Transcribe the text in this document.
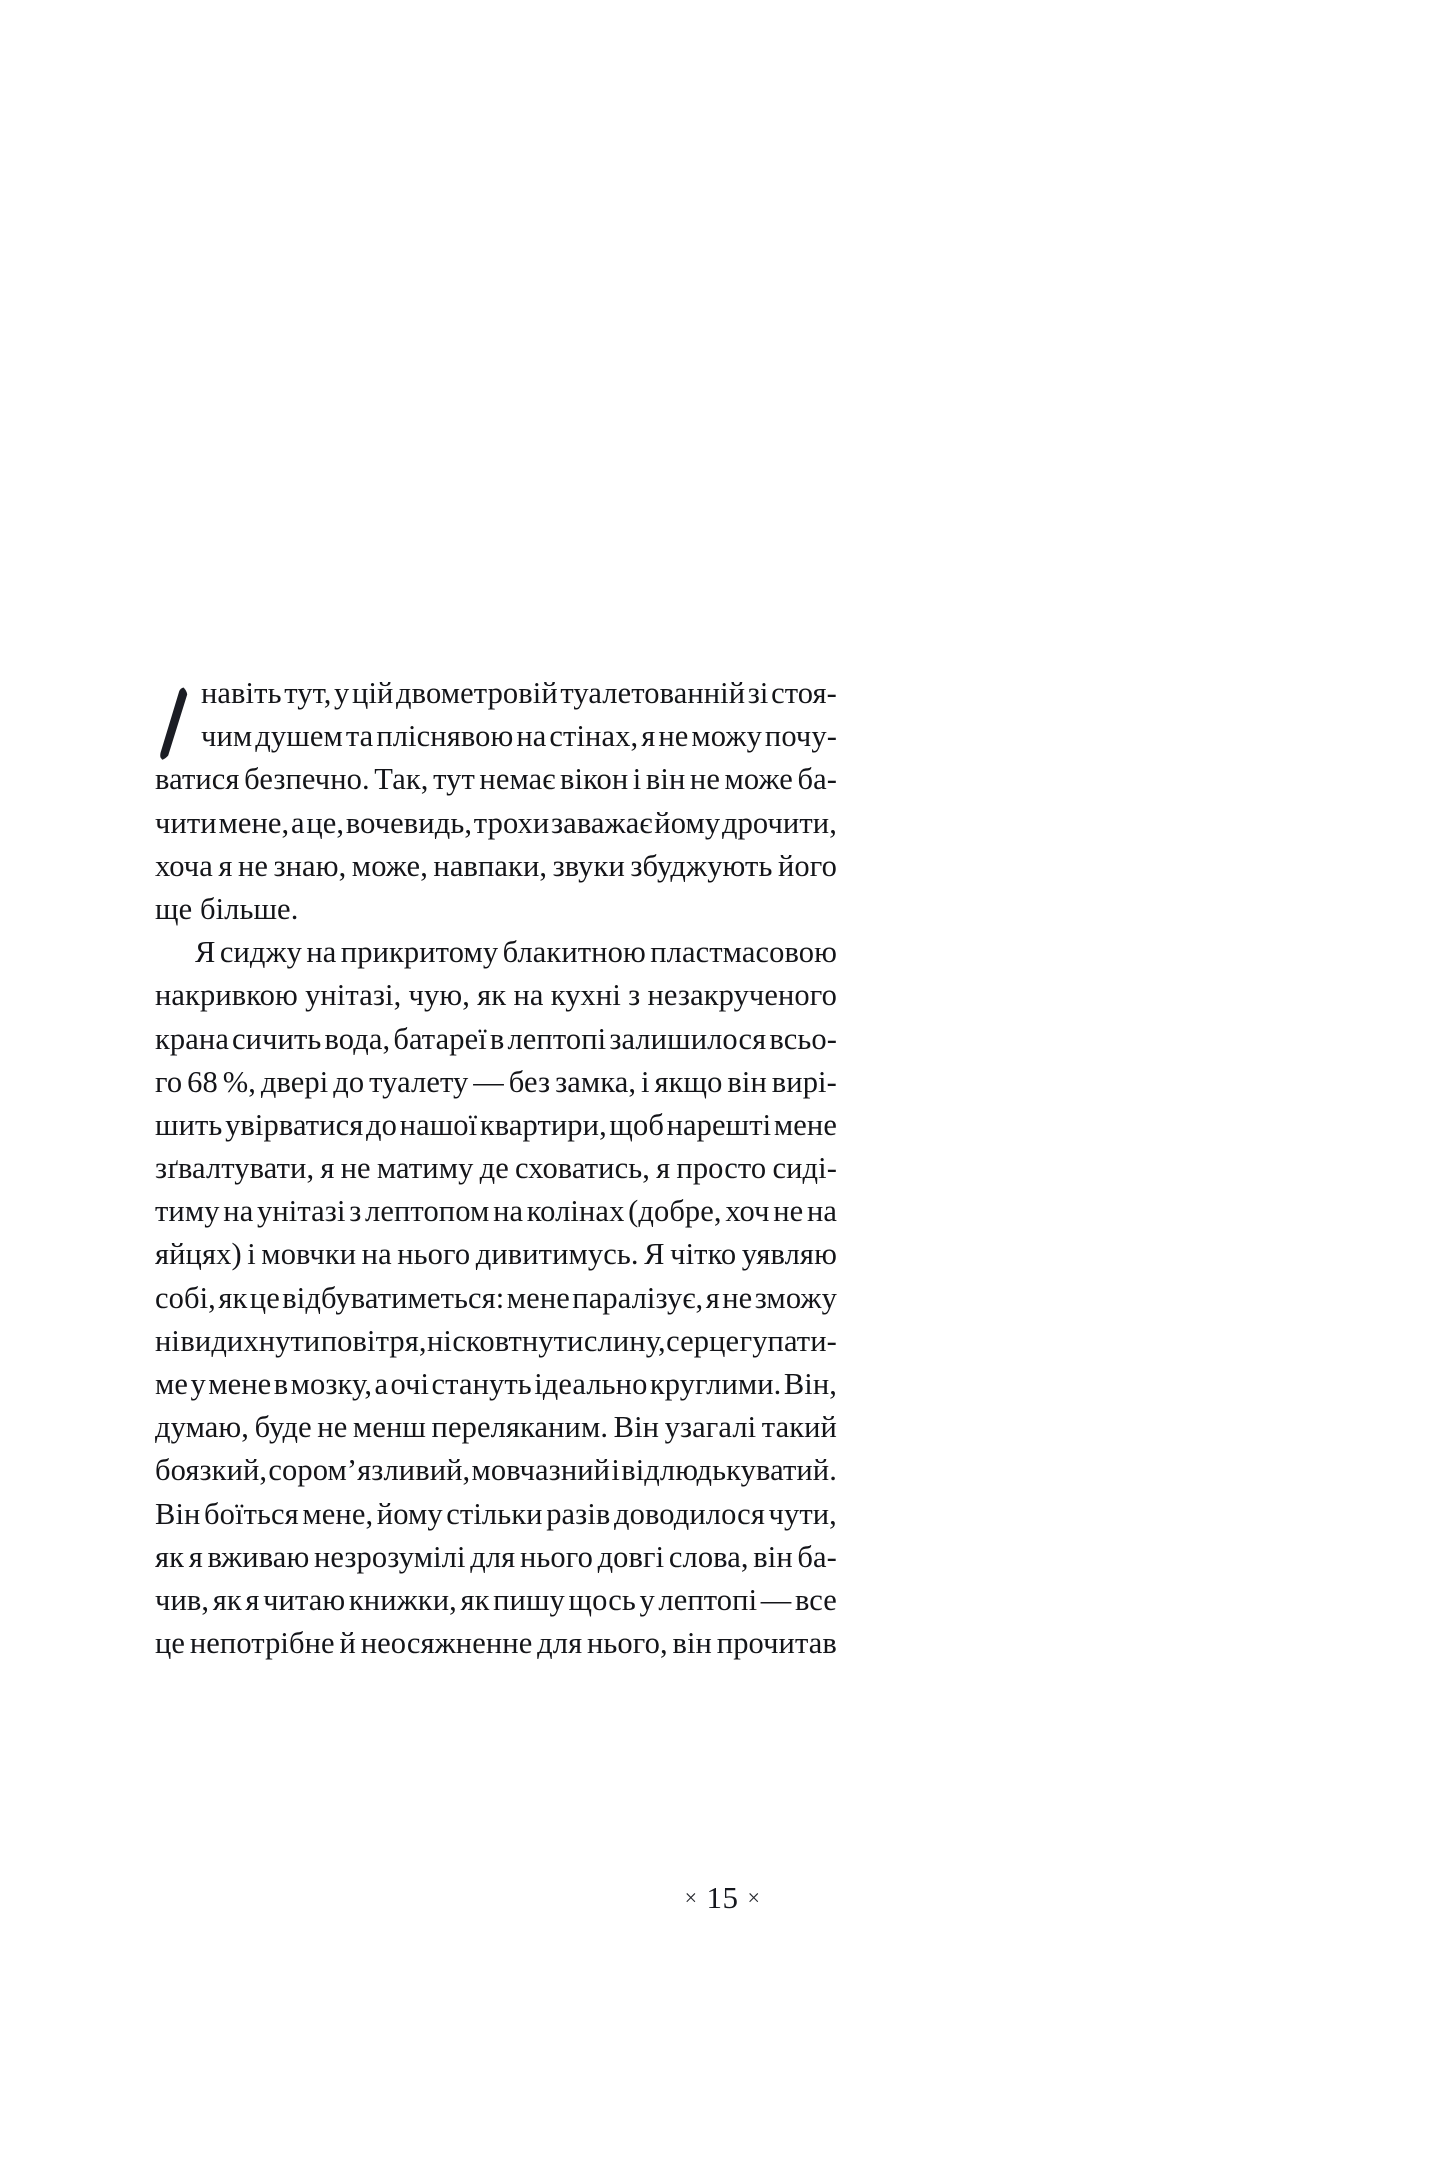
навіть тут, у цій двометровій туалетованній зі стоя-
чим душем та пліснявою на стінах, я не можу почу-
ватися безпечно. Так, тут немає вікон і він не може ба-
чити мене, а це, вочевидь, трохи заважає йому дрочити,
хоча я не знаю, може, навпаки, звуки збуджують його
ще більше.

Я сиджу на прикритому блакитною пластмасовою
накривкою унітазі, чую, як на кухні з незакрученого
крана сичить вода, батареї в лептопі залишилося всьо-
го 68 %, двері до туалету — без замка, і якщо він вирі-
шить увірватися до нашої квартири, щоб нарешті мене
зґвалтувати, я не матиму де сховатись, я просто сиді-
тиму на унітазі з лептопом на колінах (добре, хоч не на
яйцях) і мовчки на нього дивитимусь. Я чітко уявляю
собі, як це відбуватиметься: мене паралізує, я не зможу
ні видихнути повітря, ні сковтнути слину, серце гупати-
ме у мене в мозку, а очі стануть ідеально круглими. Він,
думаю, буде не менш переляканим. Він узагалі такий
боязкий, сором’язливий, мовчазний і відлюдькуватий.
Він боїться мене, йому стільки разів доводилося чути,
як я вживаю незрозумілі для нього довгі слова, він ба-
чив, як я читаю книжки, як пишу щось у лептопі — все
це непотрібне й неосяжненне для нього, він прочитав

× 15 ×
